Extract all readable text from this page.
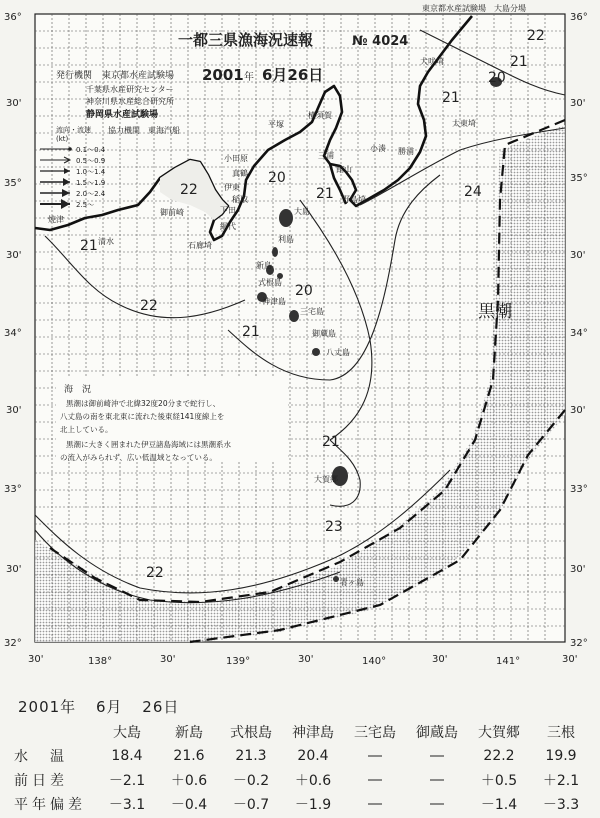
黒潮
22
21
20
21
22
22
21
20
21
24
21
20
21
23
22
犬吠埼
太東埼
勝浦
小湊
野島埼
館山
平塚
横須賀
三浦
小田原
真鶴
伊東
下田
石廊埼
稲取
網代
清水
焼津
御前崎	大島
利島
新島
式根島
神津島
三宅島
御蔵島
八丈島
大賀郷
青ヶ島
東京都水産試験場　大島分場
一都三県漁海況速報	№ 4024
発行機関 東京都水産試験場 2001 年 6月26日
千葉県水産研究センター
神奈川県水産総合研究所
静岡県水産試験場
協力機関　東海汽船
流向・流速
(kt)
0.1～0.4
0.5～0.9
1.0～1.4
1.5～1.9
2.0～2.4
2.5～
海　況
黒潮は御前崎沖で北緯32度20分まで蛇行し、
八丈島の南を東北東に流れた後東経141度線上を
北上している。
黒潮に大きく囲まれた伊豆諸島海域には黒潮系水
の流入がみられず、広い低温域となっている。
36°
30'
35°
30'
34°
30'
33°
30'
32°
36°
30'
35°
30'
34°
30'
33°
30'
32°
30'	138°	30'	139°	30'	140°	30'	141°	30'
2001年 6月 26日
	大島	新島	式根島	神津島	三宅島	御蔵島	大賀郷	三根
水　温	18.4	21.6	21.3	20.4	―	―	22.2	19.9
前日差	－2.1	＋0.6	－0.2	＋0.6	―	―	＋0.5	＋2.1
平年偏差	－3.1	－0.4	－0.7	－1.9	―	―	－1.4	－3.3
